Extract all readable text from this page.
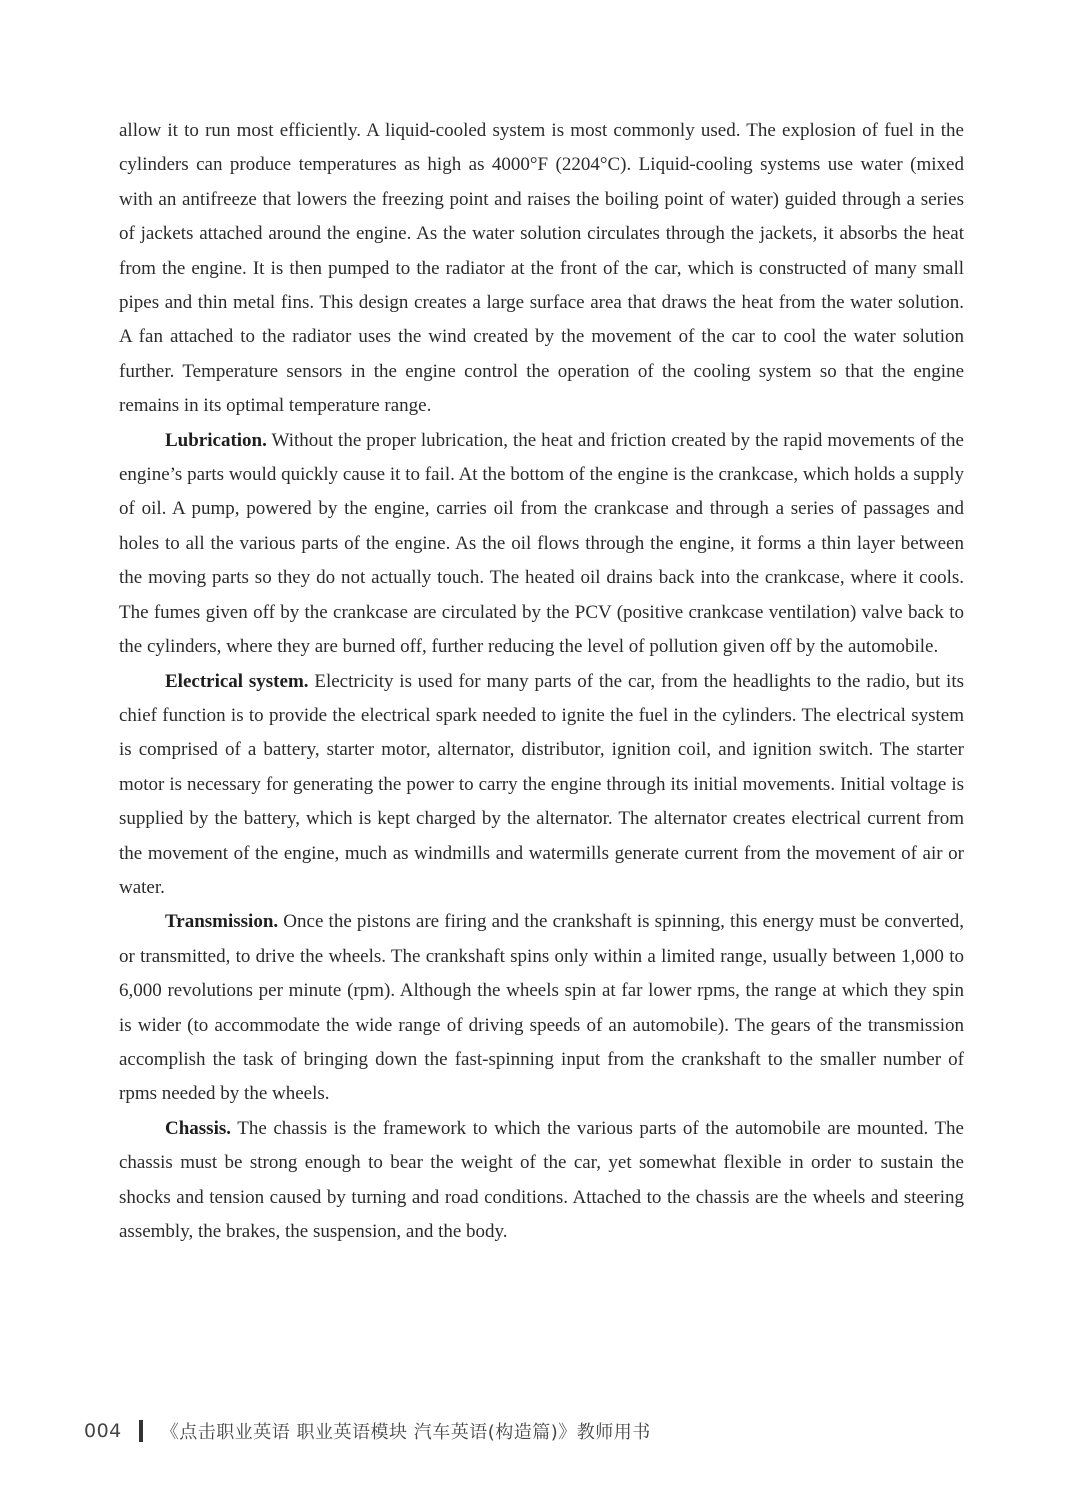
allow it to run most efficiently. A liquid-cooled system is most commonly used. The explosion of fuel in the cylinders can produce temperatures as high as 4000°F (2204°C). Liquid-cooling systems use water (mixed with an antifreeze that lowers the freezing point and raises the boiling point of water) guided through a series of jackets attached around the engine. As the water solution circulates through the jackets, it absorbs the heat from the engine. It is then pumped to the radiator at the front of the car, which is constructed of many small pipes and thin metal fins. This design creates a large surface area that draws the heat from the water solution. A fan attached to the radiator uses the wind created by the movement of the car to cool the water solution further. Temperature sensors in the engine control the operation of the cooling system so that the engine remains in its optimal temperature range.

Lubrication. Without the proper lubrication, the heat and friction created by the rapid movements of the engine’s parts would quickly cause it to fail. At the bottom of the engine is the crankcase, which holds a supply of oil. A pump, powered by the engine, carries oil from the crankcase and through a series of passages and holes to all the various parts of the engine. As the oil flows through the engine, it forms a thin layer between the moving parts so they do not actually touch. The heated oil drains back into the crankcase, where it cools. The fumes given off by the crankcase are circulated by the PCV (positive crankcase ventilation) valve back to the cylinders, where they are burned off, further reducing the level of pollution given off by the automobile.

Electrical system. Electricity is used for many parts of the car, from the headlights to the radio, but its chief function is to provide the electrical spark needed to ignite the fuel in the cylinders. The electrical system is comprised of a battery, starter motor, alternator, distributor, ignition coil, and ignition switch. The starter motor is necessary for generating the power to carry the engine through its initial movements. Initial voltage is supplied by the battery, which is kept charged by the alternator. The alternator creates electrical current from the movement of the engine, much as windmills and watermills generate current from the movement of air or water.

Transmission. Once the pistons are firing and the crankshaft is spinning, this energy must be converted, or transmitted, to drive the wheels. The crankshaft spins only within a limited range, usually between 1,000 to 6,000 revolutions per minute (rpm). Although the wheels spin at far lower rpms, the range at which they spin is wider (to accommodate the wide range of driving speeds of an automobile). The gears of the transmission accomplish the task of bringing down the fast-spinning input from the crankshaft to the smaller number of rpms needed by the wheels.

Chassis. The chassis is the framework to which the various parts of the automobile are mounted. The chassis must be strong enough to bear the weight of the car, yet somewhat flexible in order to sustain the shocks and tension caused by turning and road conditions. Attached to the chassis are the wheels and steering assembly, the brakes, the suspension, and the body.

004 《点击职业英语 职业英语模块 汽车英语(构造篇)》教师用书
